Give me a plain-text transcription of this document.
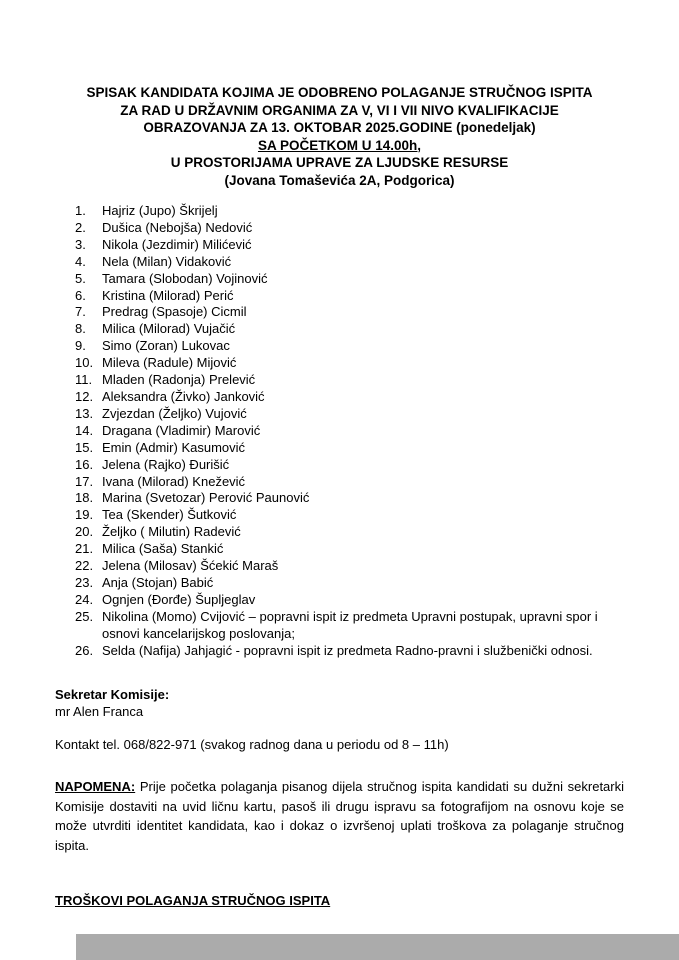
SPISAK KANDIDATA KOJIMA JE ODOBRENO POLAGANJE STRUČNOG ISPITA
ZA RAD U DRŽAVNIM ORGANIMA ZA V, VI I VII NIVO KVALIFIKACIJE
OBRAZOVANJA ZA 13. OKTOBAR 2025.GODINE (ponedeljak)
SA POČETKOM U 14.00h,
U PROSTORIJAMA UPRAVE ZA LJUDSKE RESURSE
(Jovana Tomaševića 2A, Podgorica)
Hajriz (Jupo) Škrijelj
Dušica (Nebojša) Nedović
Nikola (Jezdimir) Milićević
Nela (Milan) Vidaković
Tamara (Slobodan) Vojinović
Kristina (Milorad) Perić
Predrag (Spasoje) Cicmil
Milica (Milorad) Vujačić
Simo (Zoran) Lukovac
Mileva (Radule) Mijović
Mladen (Radonja) Prelević
Aleksandra (Živko) Janković
Zvjezdan (Željko) Vujović
Dragana (Vladimir) Marović
Emin (Admir) Kasumović
Jelena (Rajko) Đurišić
Ivana (Milorad) Knežević
Marina (Svetozar) Perović Paunović
Tea (Skender) Šutković
Željko ( Milutin) Radević
Milica (Saša) Stankić
Jelena (Milosav) Šćekić Maraš
Anja (Stojan) Babić
Ognjen (Đorđe) Šupljeglav
Nikolina (Momo) Cvijović – popravni ispit iz predmeta Upravni postupak, upravni spor i osnovi kancelarijskog poslovanja;
Selda (Nafija) Jahjagić - popravni ispit iz predmeta Radno-pravni i službenički odnosi.
Sekretar Komisije:
mr Alen Franca
Kontakt tel. 068/822-971 (svakog radnog dana u periodu od 8 – 11h)

NAPOMENA: Prije početka polaganja pisanog dijela stručnog ispita kandidati su dužni sekretarki Komisije dostaviti na uvid ličnu kartu, pasoš ili drugu ispravu sa fotografijom na osnovu koje se može utvrditi identitet kandidata, kao i dokaz o izvršenoj uplati troškova za polaganje stručnog ispita.

TROŠKOVI POLAGANJA STRUČNOG ISPITA
